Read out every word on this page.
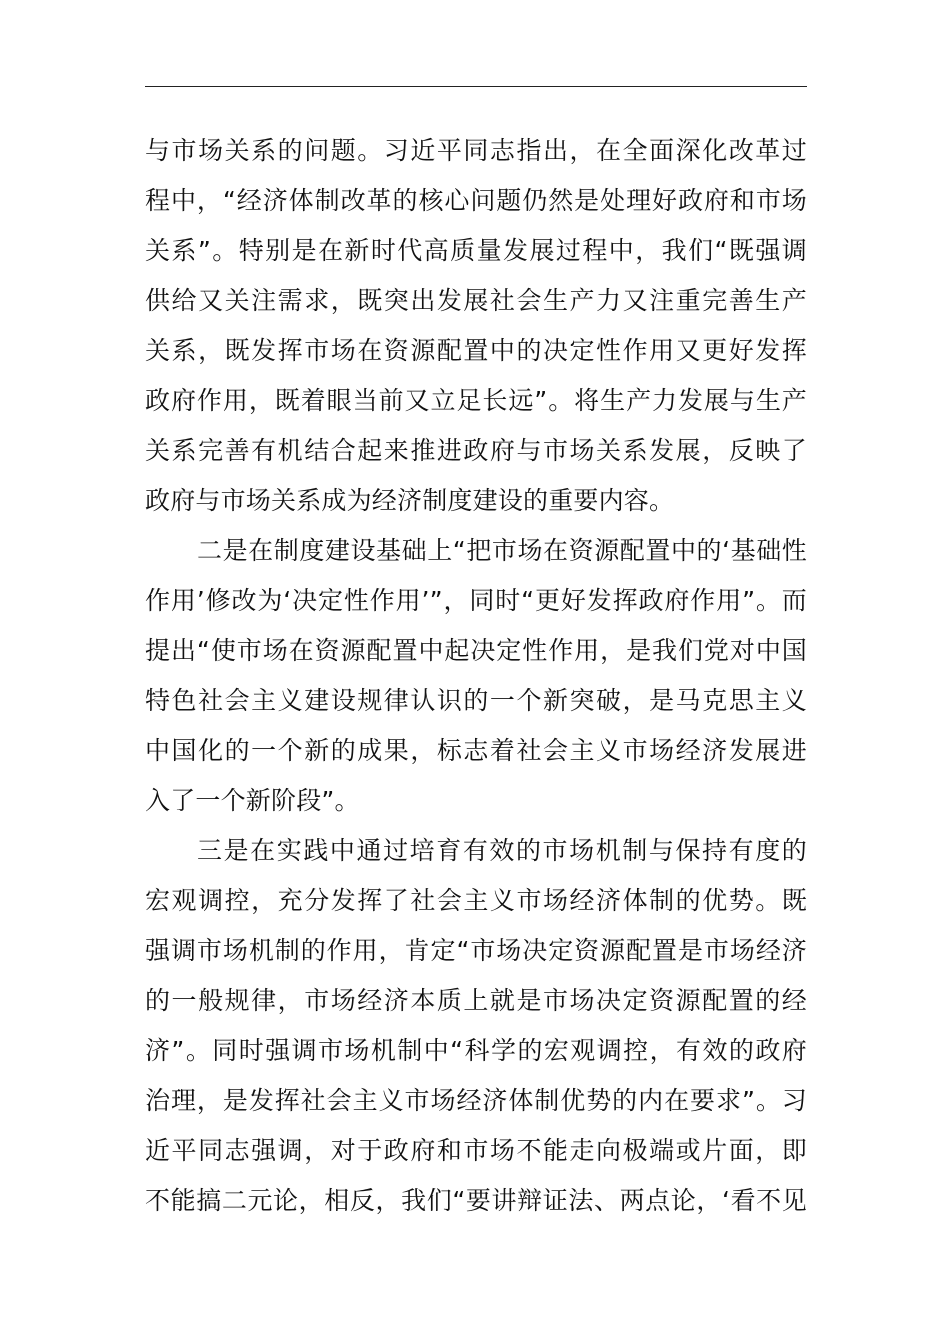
与市场关系的问题。习近平同志指出，在全面深化改革过
程中，“经济体制改革的核心问题仍然是处理好政府和市场
关系”。特别是在新时代高质量发展过程中，我们“既强调
供给又关注需求，既突出发展社会生产力又注重完善生产
关系，既发挥市场在资源配置中的决定性作用又更好发挥
政府作用，既着眼当前又立足长远”。将生产力发展与生产
关系完善有机结合起来推进政府与市场关系发展，反映了
政府与市场关系成为经济制度建设的重要内容。
二是在制度建设基础上“把市场在资源配置中的‘基础性
作用’修改为‘决定性作用’”，同时“更好发挥政府作用”。而
提出“使市场在资源配置中起决定性作用，是我们党对中国
特色社会主义建设规律认识的一个新突破，是马克思主义
中国化的一个新的成果，标志着社会主义市场经济发展进
入了一个新阶段”。
三是在实践中通过培育有效的市场机制与保持有度的
宏观调控，充分发挥了社会主义市场经济体制的优势。既
强调市场机制的作用，肯定“市场决定资源配置是市场经济
的一般规律，市场经济本质上就是市场决定资源配置的经
济”。同时强调市场机制中“科学的宏观调控，有效的政府
治理，是发挥社会主义市场经济体制优势的内在要求”。习
近平同志强调，对于政府和市场不能走向极端或片面，即
不能搞二元论，相反，我们“要讲辩证法、两点论，‘看不见
